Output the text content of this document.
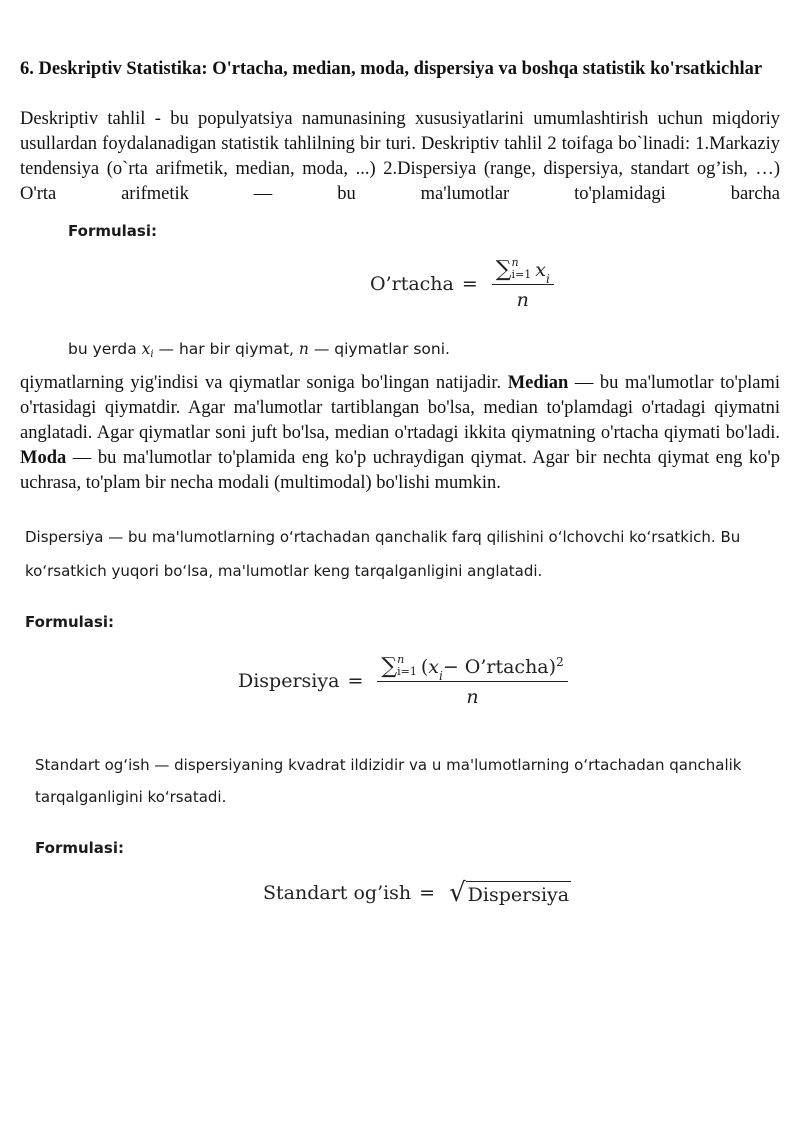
6. Deskriptiv Statistika: O'rtacha, median, moda, dispersiya va boshqa statistik ko'rsatkichlar
Deskriptiv tahlil - bu populyatsiya namunasining xususiyatlarini umumlashtirish uchun miqdoriy usullardan foydalanadigan statistik tahlilning bir turi. Deskriptiv tahlil 2 toifaga bo`linadi: 1.Markaziy tendensiya (o`rta arifmetik, median, moda, ...) 2.Dispersiya (range, dispersiya, standart og’ish, …) O'rta arifmetik — bu ma'lumotlar to'plamidagi barcha
Formulasi:
O’rtacha = ∑ n
i=1 x i
n
bu yerda xi — har bir qiymat, n — qiymatlar soni.
qiymatlarning yig'indisi va qiymatlar soniga bo'lingan natijadir. Median — bu ma'lumotlar to'plami o'rtasidagi qiymatdir. Agar ma'lumotlar tartiblangan bo'lsa, median to'plamdagi o'rtadagi qiymatni anglatadi. Agar qiymatlar soni juft bo'lsa, median o'rtadagi ikkita qiymatning o'rtacha qiymati bo'ladi. Moda — bu ma'lumotlar to'plamida eng ko'p uchraydigan qiymat. Agar bir nechta qiymat eng ko'p uchrasa, to'plam bir necha modali (multimodal) bo'lishi mumkin.
Dispersiya — bu ma'lumotlarning o‘rtachadan qanchalik farq qilishini o‘lchovchi ko‘rsatkich. Bu
ko‘rsatkich yuqori bo‘lsa, ma'lumotlar keng tarqalganligini anglatadi.
Formulasi:
Dispersiya =
∑ n
i=1 ( x i − O’rtacha) 2
n
Standart og‘ish — dispersiyaning kvadrat ildizidir va u ma'lumotlarning o‘rtachadan qanchalik
tarqalganligini ko‘rsatadi.
Formulasi:
Standart og’ish = √ Dispersiya
